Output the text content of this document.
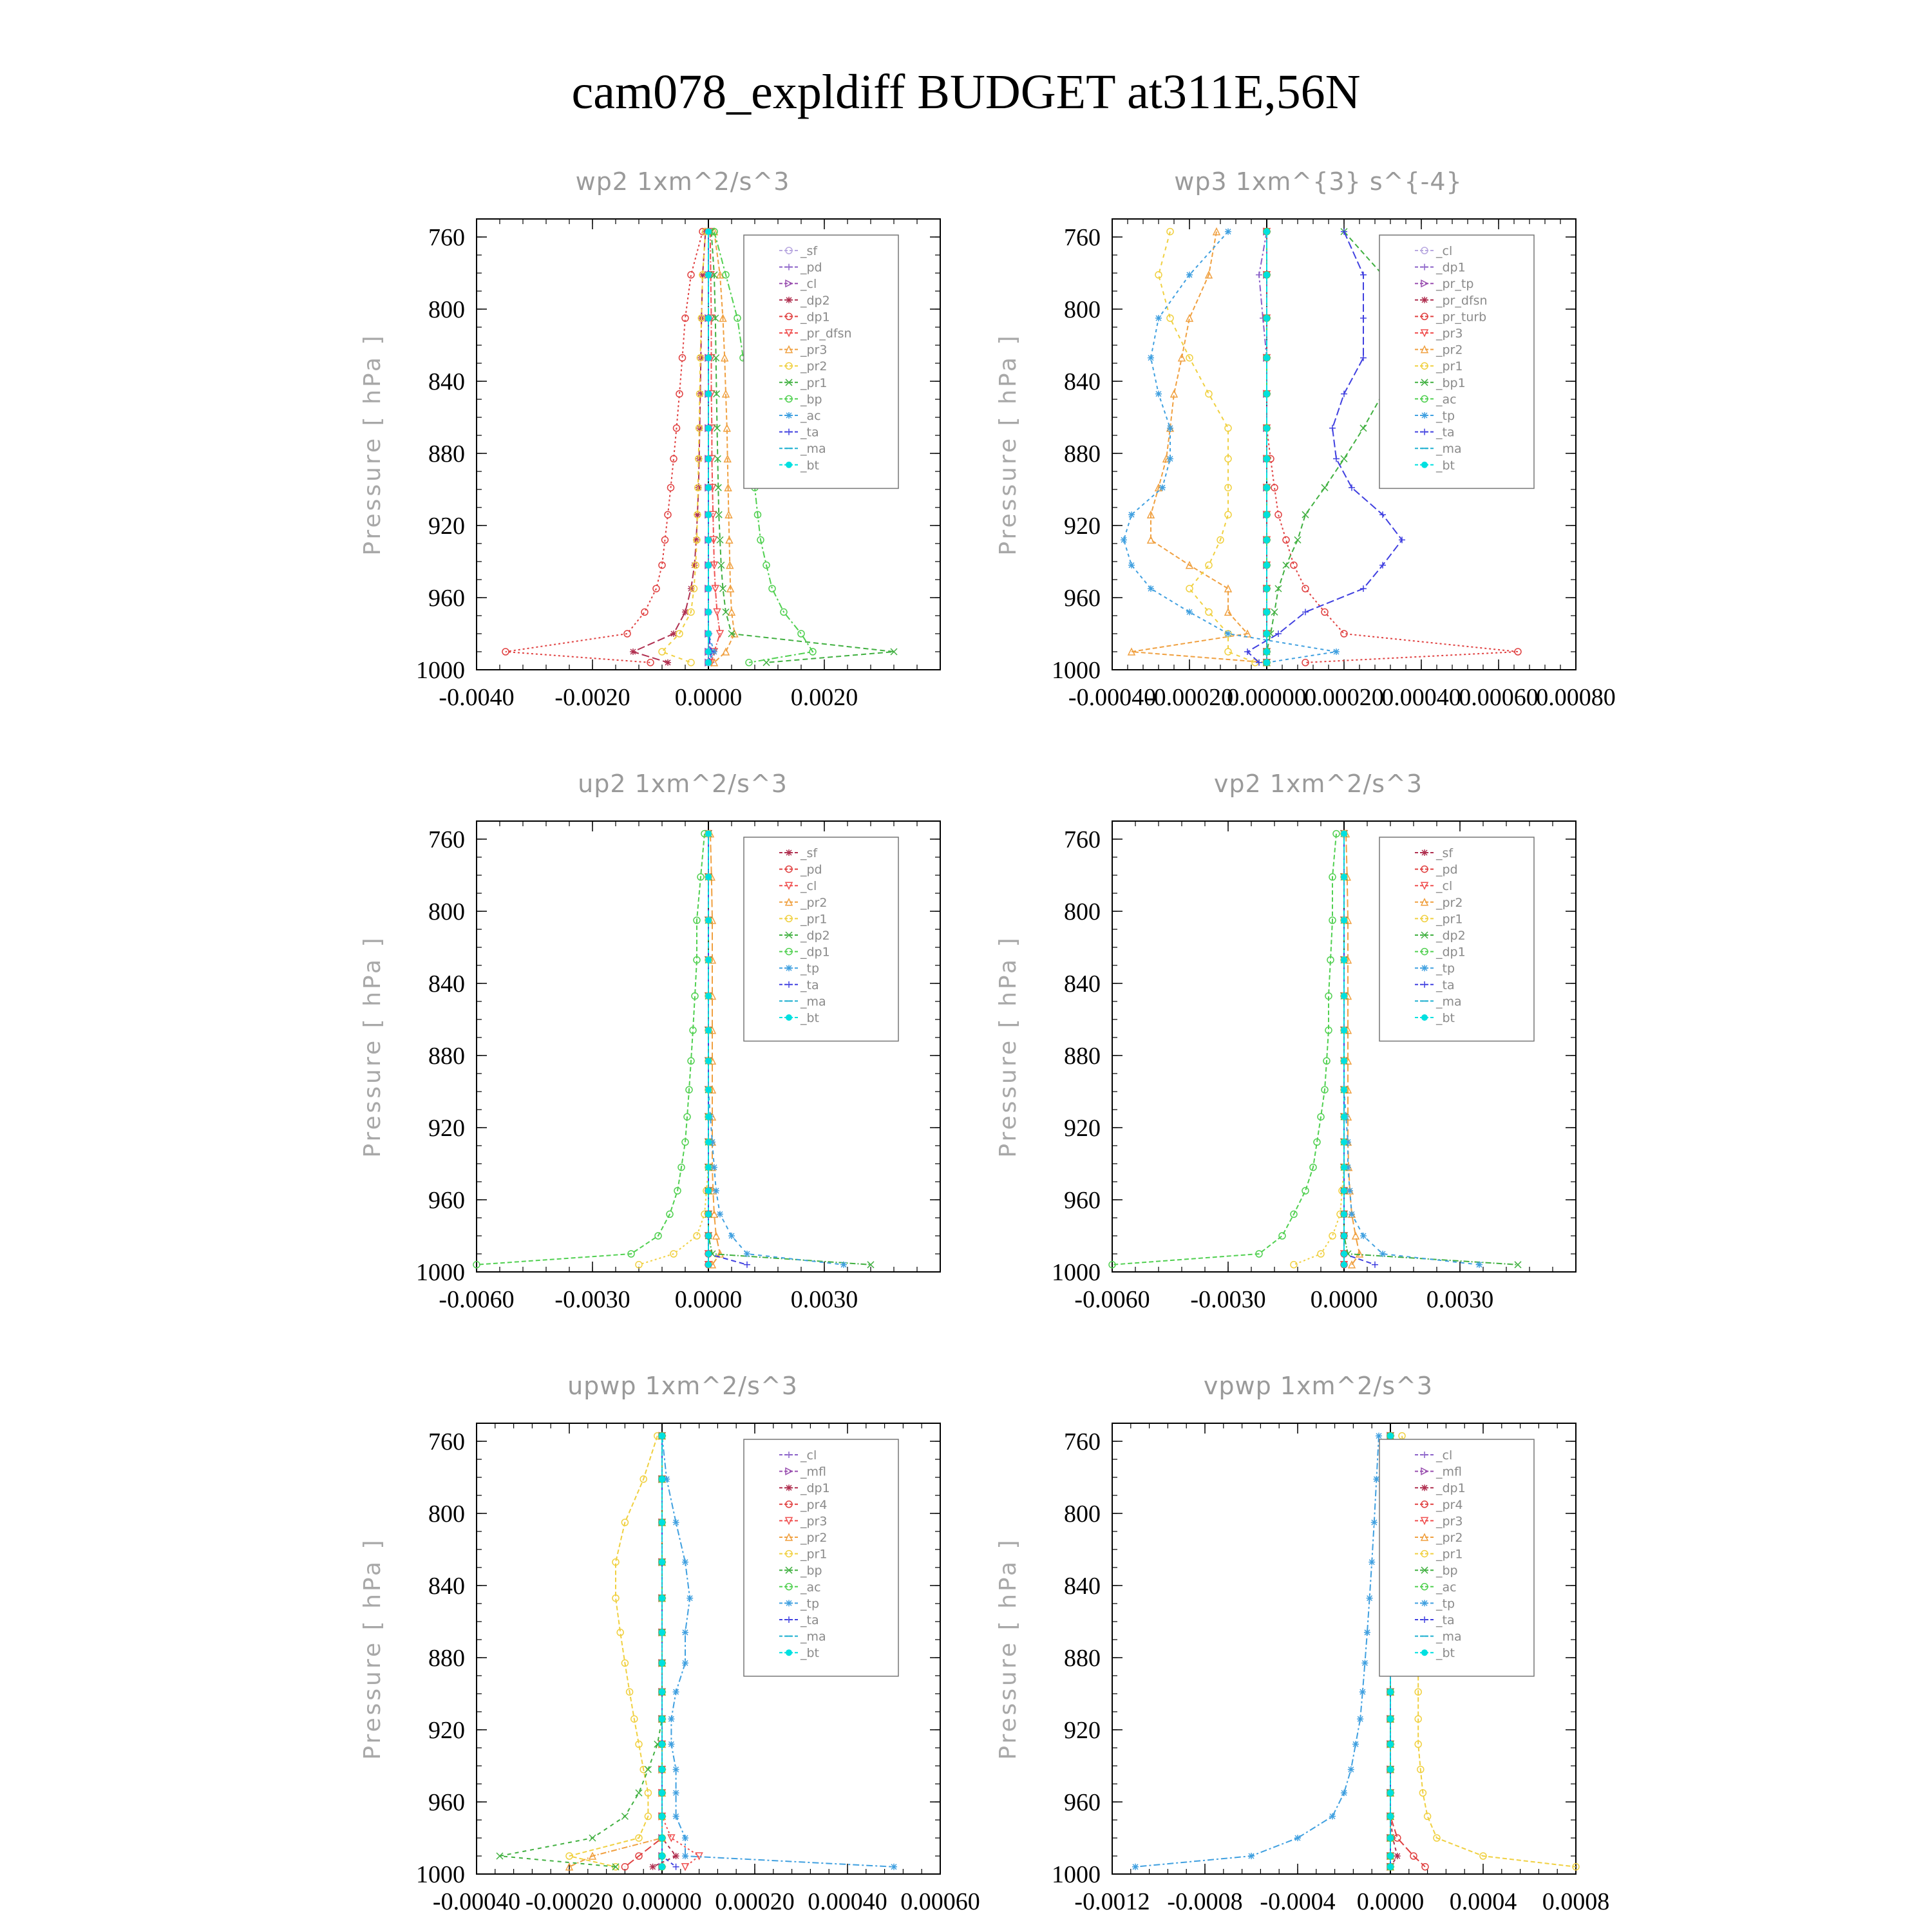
cam078_expldiff BUDGET at311E,56N
wp2 1xm^2/s^3
Pressure [ hPa ]
-0.0040 -0.0020 0.0000 0.0020
760
800
840
880
920
960
1000
_sf
_pd
_cl
_dp2
_dp1
_pr_dfsn
_pr3
_pr2
_pr1
_bp
_ac
_ta
_ma
_bt
wp3 1xm^{3} s^{-4}
Pressure [ hPa ]
-0.00040
-0.00020
0.00000
0.00020
0.00040
0.00060
0.00080
760
800
840
880
920
960
1000
_cl
_dp1
_pr_tp
_pr_dfsn
_pr_turb
_pr3
_pr2
_pr1
_bp1
_ac
_tp
_ta
_ma
_bt
up2 1xm^2/s^3
Pressure [ hPa ]
-0.0060 -0.0030 0.0000 0.0030
760
800
840
880
920
960
1000
_sf
_pd
_cl
_pr2
_pr1
_dp2
_dp1
_tp
_ta
_ma
_bt
vp2 1xm^2/s^3
Pressure [ hPa ]
-0.0060 -0.0030 0.0000 0.0030
760
800
840
880
920
960
1000
_sf
_pd
_cl
_pr2
_pr1
_dp2
_dp1
_tp
_ta
_ma
_bt
upwp 1xm^2/s^3
Pressure [ hPa ]
-0.00040 -0.00020 0.00000 0.00020 0.00040 0.00060
760
800
840
880
920
960
1000
_cl
_mfl
_dp1
_pr4
_pr3
_pr2
_pr1
_bp
_ac
_tp
_ta
_ma
_bt
vpwp 1xm^2/s^3
Pressure [ hPa ]
-0.0012 -0.0008 -0.0004 0.0000 0.0004 0.0008
760
800
840
880
920
960
1000
_cl
_mfl
_dp1
_pr4
_pr3
_pr2
_pr1
_bp
_ac
_tp
_ta
_ma
_bt
